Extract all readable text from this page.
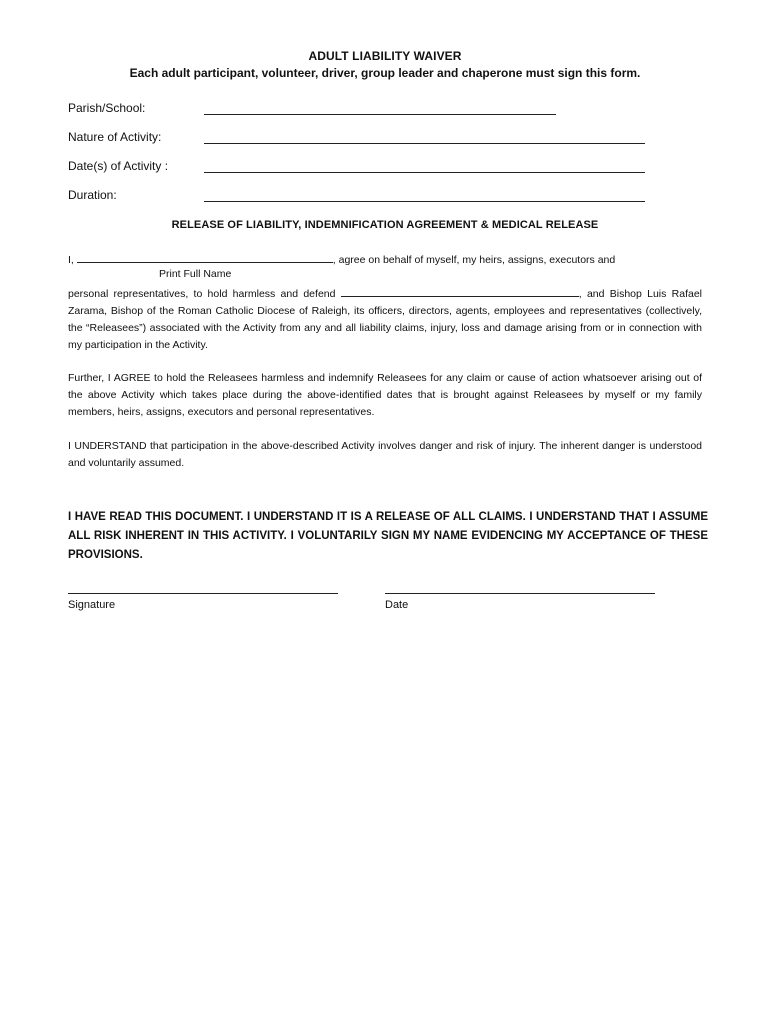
ADULT LIABILITY WAIVER
Each adult participant, volunteer, driver, group leader and chaperone must sign this form.
Parish/School:
Nature of Activity:
Date(s) of Activity :
Duration:
RELEASE OF LIABILITY, INDEMNIFICATION AGREEMENT & MEDICAL RELEASE
I,	, agree on behalf of myself, my heirs, assigns, executors and
Print Full Name
personal representatives, to hold harmless and defend	, and Bishop Luis Rafael Zarama, Bishop of the Roman Catholic Diocese of Raleigh, its officers, directors, agents, employees and representatives (collectively, the “Releasees”) associated with the Activity from any and all liability claims, injury, loss and damage arising from or in connection with my participation in the Activity.
Further, I AGREE to hold the Releasees harmless and indemnify Releasees for any claim or cause of action whatsoever arising out of the above Activity which takes place during the above-identified dates that is brought against Releasees by myself or my family members, heirs, assigns, executors and personal representatives.
I UNDERSTAND that participation in the above-described Activity involves danger and risk of injury. The inherent danger is understood and voluntarily assumed.
I HAVE READ THIS DOCUMENT. I UNDERSTAND IT IS A RELEASE OF ALL CLAIMS. I UNDERSTAND THAT I ASSUME ALL RISK INHERENT IN THIS ACTIVITY. I VOLUNTARILY SIGN MY NAME EVIDENCING MY ACCEPTANCE OF THESE PROVISIONS.
Signature	Date
